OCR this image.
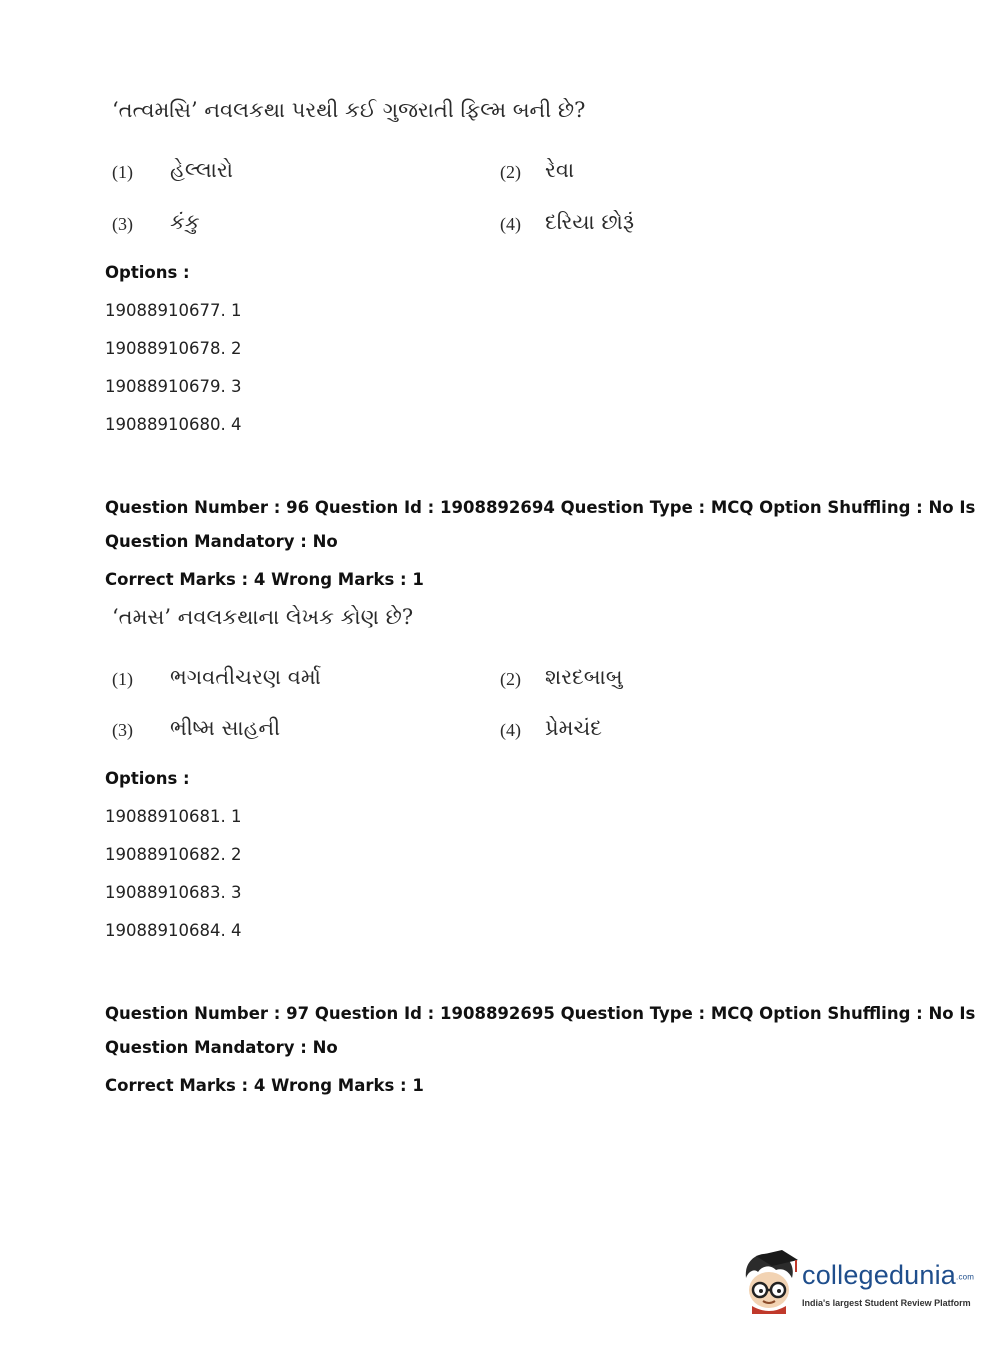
‘તત્વમસિ’ નવલકથા પરથી કઈ ગુજરાતી ફિલ્મ બની છે?
(1) હેલ્લારો	(2) રેવા
(3) કંકુ	(4) દરિયા છોરૂં
Options :
19088910677. 1
19088910678. 2
19088910679. 3
19088910680. 4
Question Number : 96 Question Id : 1908892694 Question Type : MCQ Option Shuffling : No Is
Question Mandatory : No
Correct Marks : 4 Wrong Marks : 1
‘તમસ’ નવલકથાના લેખક કોણ છે?
(1) ભગવતીચરણ વર્મા	(2) શરદબાબુ
(3) ભીષ્મ સાહની	(4) પ્રેમચંદ
Options :
19088910681. 1
19088910682. 2
19088910683. 3
19088910684. 4
Question Number : 97 Question Id : 1908892695 Question Type : MCQ Option Shuffling : No Is
Question Mandatory : No
Correct Marks : 4 Wrong Marks : 1
collegedunia.com
India's largest Student Review Platform
